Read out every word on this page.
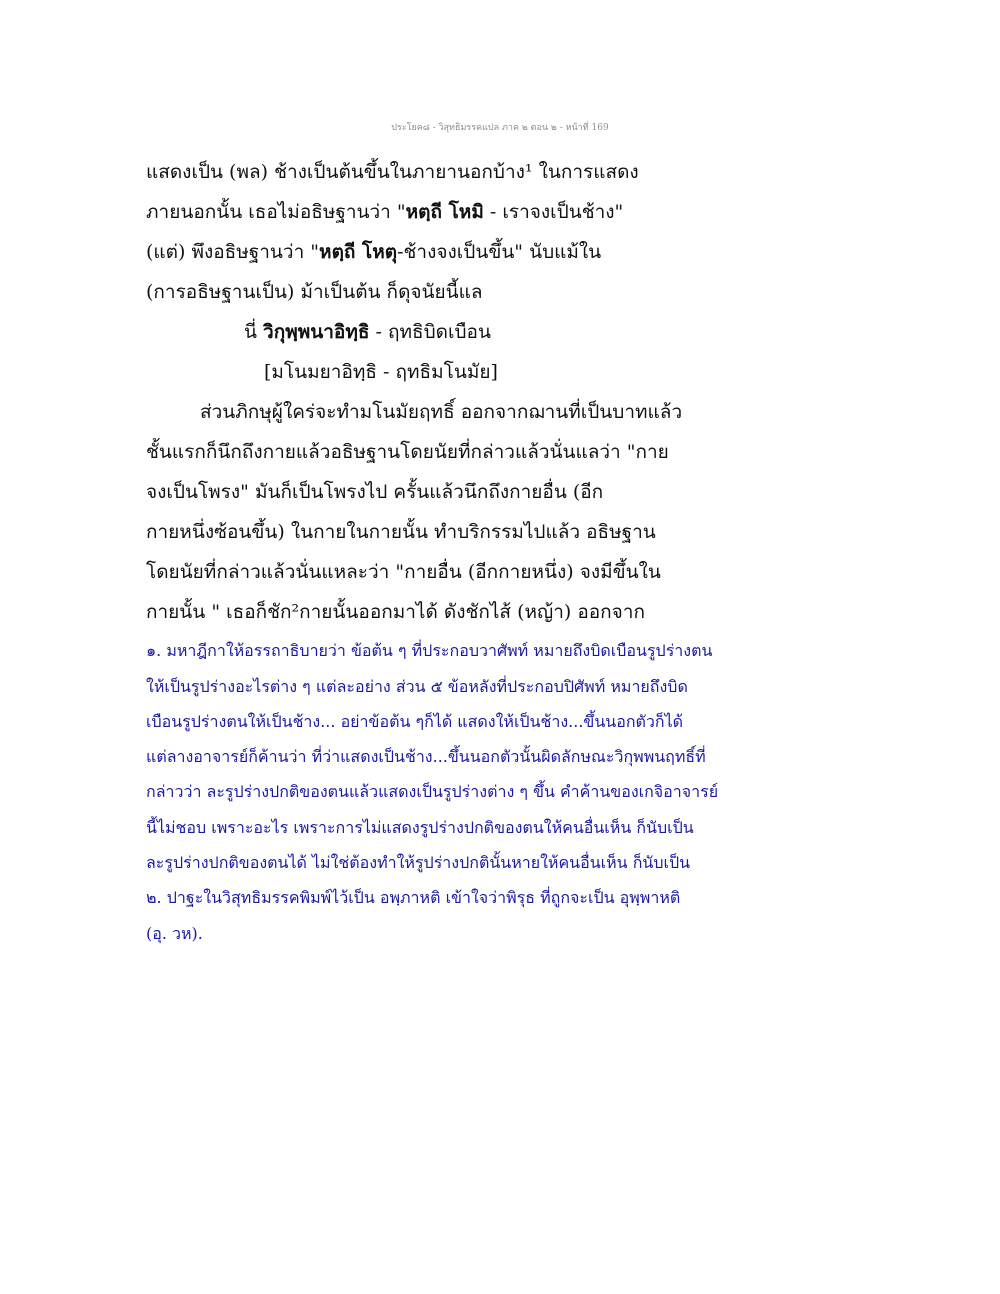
ประโยค๘ - วิสุทธิมรรคแปล ภาค ๒ ตอน ๒ - หน้าที่ 169
แสดงเป็น (พล) ช้างเป็นต้นขึ้นในภายานอกบ้าง¹ ในการแสดง
ภายนอกนั้น เธอไม่อธิษฐานว่า "หตฺถี โหมิ - เราจงเป็นช้าง"
(แต่) พึงอธิษฐานว่า "หตฺถี โหตุ-ช้างจงเป็นขึ้น" นับแม้ใน
(การอธิษฐานเป็น) ม้าเป็นต้น ก็ดุจนัยนี้แล
นี่ วิกุพฺพนาอิทฺธิ - ฤทธิบิดเบือน
[มโนมยาอิทฺธิ - ฤทธิมโนมัย]
ส่วนภิกษุผู้ใคร่จะทำมโนมัยฤทธิ์ ออกจากฌานที่เป็นบาทแล้ว
ชั้นแรกก็นึกถึงกายแล้วอธิษฐานโดยนัยที่กล่าวแล้วนั่นแลว่า "กาย
จงเป็นโพรง" มันก็เป็นโพรงไป ครั้นแล้วนึกถึงกายอื่น (อีก
กายหนึ่งซ้อนขึ้น) ในกายในกายนั้น ทำบริกรรมไปแล้ว อธิษฐาน
โดยนัยที่กล่าวแล้วนั่นแหละว่า "กายอื่น (อีกกายหนึ่ง) จงมีขึ้นใน
กายนั้น " เธอก็ชัก²กายนั้นออกมาได้ ดังชักไส้ (หญ้า) ออกจาก
๑. มหาฎีกาให้อรรถาธิบายว่า ข้อต้น ๆ ที่ประกอบวาศัพท์ หมายถึงบิดเบือนรูปร่างตน
ให้เป็นรูปร่างอะไรต่าง ๆ แต่ละอย่าง ส่วน ๕ ข้อหลังที่ประกอบปิศัพท์ หมายถึงบิด
เบือนรูปร่างตนให้เป็นช้าง... อย่าข้อต้น ๆก็ได้ แสดงให้เป็นช้าง...ขึ้นนอกตัวก็ได้
แต่ลางอาจารย์ก็ค้านว่า ที่ว่าแสดงเป็นช้าง...ขึ้นนอกตัวนั้นผิดลักษณะวิกุพพนฤทธิ์ที่
กล่าวว่า ละรูปร่างปกติของตนแล้วแสดงเป็นรูปร่างต่าง ๆ ขึ้น คำค้านของเกจิอาจารย์
นี้ไม่ชอบ เพราะอะไร เพราะการไม่แสดงรูปร่างปกติของตนให้คนอื่นเห็น ก็นับเป็น
ละรูปร่างปกติของตนได้ ไม่ใช่ต้องทำให้รูปร่างปกตินั้นหายให้คนอื่นเห็น ก็นับเป็น
๒. ปาฐะในวิสุทธิมรรคพิมพ์ไว้เป็น อพฺภาหติ เข้าใจว่าพิรุธ ที่ถูกจะเป็น อุพฺพาหติ
(อุ. วห).
